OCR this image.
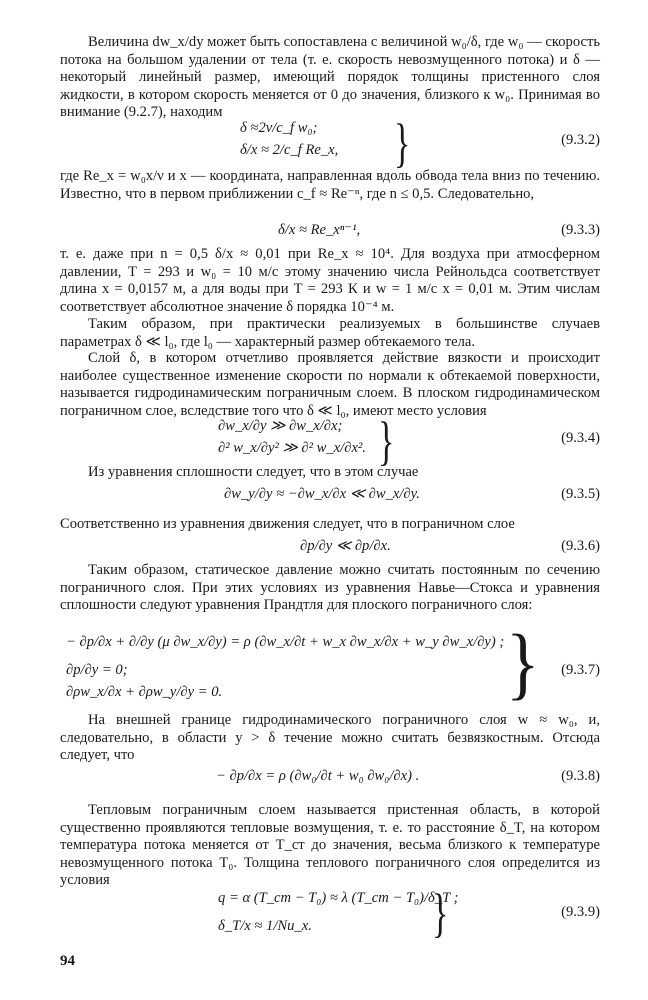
Величина dw_x/dy может быть сопоставлена с величиной w₀/δ, где w₀ — скорость потока на большом удалении от тела (т. е. скорость невозмущенного потока) и δ — некоторый линейный размер, имеющий порядок толщины пристенного слоя жидкости, в котором скорость меняется от 0 до значения, близкого к w₀. Принимая во внимание (9.2.7), находим

δ ≈2ν/c_f w₀;
δ/x ≈ 2/c_f Re_x, }	(9.3.2)

где Re_x = w₀x/ν и x — координата, направленная вдоль обвода тела вниз по течению. Известно, что в первом приближении c_f ≈ Re⁻ⁿ, где n ≤ 0,5. Следовательно,

δ/x ≈ Re_xⁿ⁻¹,	(9.3.3)

т. е. даже при n = 0,5 δ/x ≈ 0,01 при Re_x ≈ 10⁴. Для воздуха при атмосферном давлении, T = 293 и w₀ = 10 м/с этому значению числа Рейнольдса соответствует длина x = 0,0157 м, а для воды при T = 293 К и w = 1 м/с x = 0,01 м. Этим числам соответствует абсолютное значение δ порядка 10⁻⁴ м.

Таким образом, при практически реализуемых в большинстве случаев параметрах δ ≪ l₀, где l₀ — характерный размер обтекаемого тела.

Слой δ, в котором отчетливо проявляется действие вязкости и происходит наиболее существенное изменение скорости по нормали к обтекаемой поверхности, называется гидродинамическим пограничным слоем. В плоском гидродинамическом пограничном слое, вследствие того что δ ≪ l₀, имеют место условия

∂w_x/∂y ≫ ∂w_x/∂x;
∂² w_x/∂y² ≫ ∂² w_x/∂x². }	(9.3.4)

Из уравнения сплошности следует, что в этом случае

∂w_y/∂y ≈ −∂w_x/∂x ≪ ∂w_x/∂y.	(9.3.5)

Соответственно из уравнения движения следует, что в пограничном слое

∂p/∂y ≪ ∂p/∂x.	(9.3.6)

Таким образом, статическое давление можно считать постоянным по сечению пограничного слоя. При этих условиях из уравнения Навье—Стокса и уравнения сплошности следуют уравнения Прандтля для плоского пограничного слоя:

− ∂p/∂x + ∂/∂y (μ ∂w_x/∂y) = ρ (∂w_x/∂t + w_x ∂w_x/∂x + w_y ∂w_x/∂y) ;
∂p/∂y = 0;
∂ρw_x/∂x + ∂ρw_y/∂y = 0.	} (9.3.7)

На внешней границе гидродинамического пограничного слоя w ≈ w₀, и, следовательно, в области y > δ течение можно считать безвязкостным. Отсюда следует, что

− ∂p/∂x = ρ (∂w₀/∂t + w₀ ∂w₀/∂x) .	(9.3.8)

Тепловым пограничным слоем называется пристенная область, в которой существенно проявляются тепловые возмущения, т. е. то расстояние δ_T, на котором температура потока меняется от T_ст до значения, весьма близкого к температуре невозмущенного потока T₀. Толщина теплового пограничного слоя определится из условия

q = α (T_ст − T₀) ≈ λ (T_ст − T₀)/δ_T ;
δ_T/x ≈ 1/Nu_x.	}	(9.3.9)
94
